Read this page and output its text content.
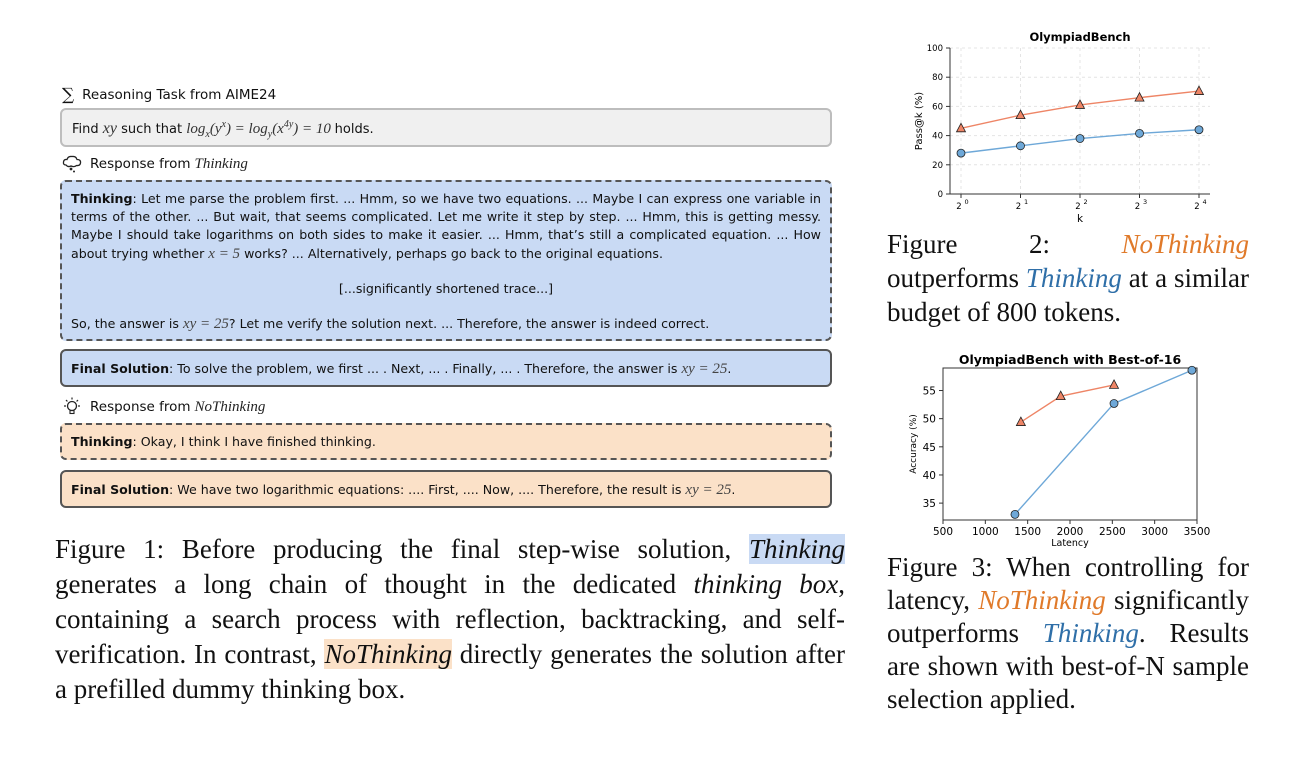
∑ Reasoning Task from AIME24
Find xy such that $\log_x(y^x) = \log_y(x^{4y}) = 10$ holds.
Response from Thinking
Thinking: Let me parse the problem first. ... Hmm, so we have two equations. ... Maybe I can express one variable in terms of the other. ... But wait, that seems complicated. Let me write it step by step. ... Hmm, this is getting messy. Maybe I should take logarithms on both sides to make it easier. ... Hmm, that’s still a complicated equation. ... How about trying whether x = 5 works? ... Alternatively, perhaps go back to the original equations.
[...significantly shortened trace...]
So, the answer is xy = 25? Let me verify the solution next. ... Therefore, the answer is indeed correct.
Final Solution: To solve the problem, we first ... . Next, ... . Finally, ... . Therefore, the answer is xy = 25.
Response from NoThinking
Thinking: Okay, I think I have finished thinking.
Final Solution: We have two logarithmic equations: .... First, .... Now, .... Therefore, the result is xy = 25.
Figure 1: Before producing the final step-wise solution, Thinking generates a long chain of thought in the dedicated thinking box, containing a search process with reflection, backtracking, and self-verification. In contrast, NoThinking directly generates the solution after a prefilled dummy thinking box.
OlympiadBench
0
20
40
60
80
100
2 0	2 1	2 2	2 3	2 4
k
Pass@k (%)
Figure 2:	NoThinking outperforms Thinking at a similar budget of 800 tokens.
OlympiadBench with Best-of-16
35
40
45
50
55
500 1000 1500 2000 2500 3000 3500
Latency
Accuracy (%)
Figure 3: When controlling for latency, NoThinking significantly outperforms Thinking. Results are shown with best-of-N sample selection applied.
